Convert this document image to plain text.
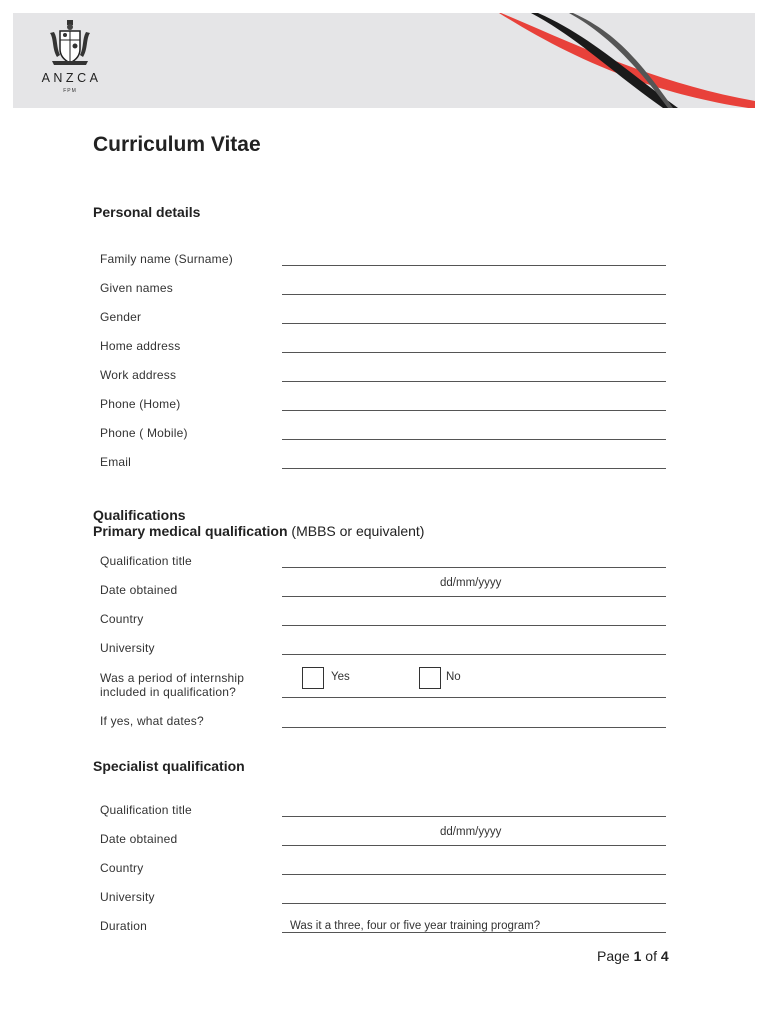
ANZCA
FPM
Curriculum Vitae
Personal details
Family name (Surname)
Given names
Gender
Home address
Work address
Phone (Home)
Phone ( Mobile)
Email
Qualifications
Primary medical qualification (MBBS or equivalent)
Qualification title
dd/mm/yyyy
Date obtained
Country
University
Was a period of internship
included in qualification?
Yes	No
If yes, what dates?
Specialist qualification
Qualification title
dd/mm/yyyy
Date obtained
Country
University
Duration	Was it a three, four or five year training program?
Page 1 of 4
